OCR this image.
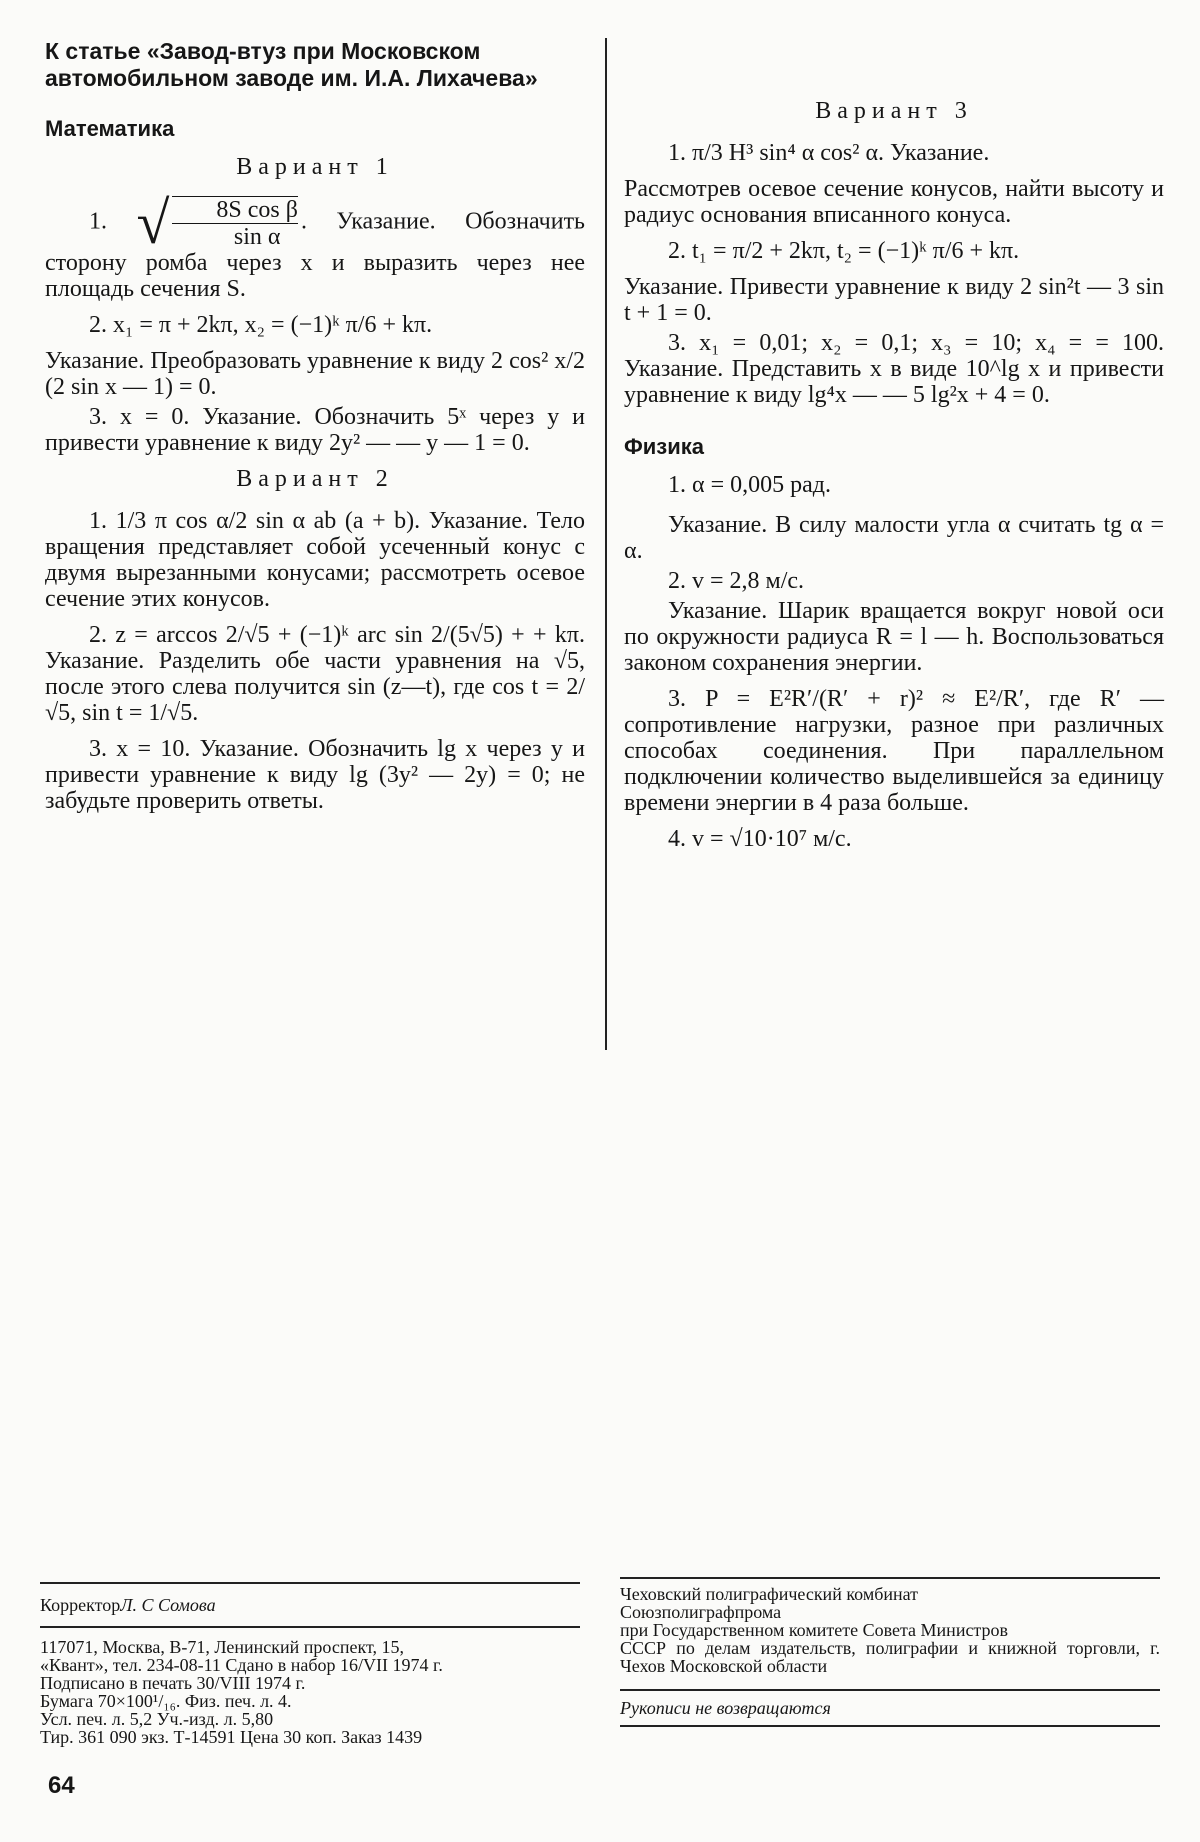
К статье «Завод-втуз при Московском
автомобильном заводе им. И.А. Лихачева»
Математика
Вариант 1

1. √ $\frac{\text{8S cos β}}{\text{sin α}}$ . Указание. Обозначить сторону ромба через x и выразить через нее площадь сечения S.

2. x₁ = π + 2kπ, x₂ = (−1)ᵏ π/6 + kπ.

Указание. Преобразовать уравнение к виду 2 cos² x/2 (2 sin x — 1) = 0.

3. x = 0. Указание. Обозначить 5ˣ через y и привести уравнение к виду 2y² — — y — 1 = 0.

Вариант 2

1. 1/3 π cos α/2 sin α ab (a + b). Указание. Тело вращения представляет собой усеченный конус с двумя вырезанными конусами; рассмотреть осевое сечение этих конусов.

2. z = arccos 2/√5 + (−1)ᵏ arc sin 2/(5√5) + + kπ. Указание. Разделить обе части уравнения на √5, после этого слева получится sin (z—t), где cos t = 2/√5, sin t = 1/√5.

3. x = 10. Указание. Обозначить lg x через y и привести уравнение к виду lg (3y² — 2y) = 0; не забудьте проверить ответы.

Вариант 3

1. π/3 H³ sin⁴ α cos² α. Указание.

Рассмотрев осевое сечение конусов, найти высоту и радиус основания вписанного конуса.

2. t₁ = π/2 + 2kπ, t₂ = (−1)ᵏ π/6 + kπ.

Указание. Привести уравнение к виду 2 sin²t — 3 sin t + 1 = 0.

3. x₁ = 0,01; x₂ = 0,1; x₃ = 10; x₄ = = 100. Указание. Представить x в виде 10^lg x и привести уравнение к виду lg⁴x — — 5 lg²x + 4 = 0.

Физика

1. α = 0,005 рад.

Указание. В силу малости угла α считать tg α = α.

2. v = 2,8 м/с.

Указание. Шарик вращается вокруг новой оси по окружности радиуса R = l — h. Воспользоваться законом сохранения энергии.

3. P = E²R′/(R′ + r)² ≈ E²/R′, где R′ — сопротивление нагрузки, разное при различных способах соединения. При параллельном подключении количество выделившейся за единицу времени энергии в 4 раза больше.

4. v = √10·10⁷ м/с.

КорректорЛ. С Сомова
117071, Москва, В-71, Ленинский проспект, 15,
«Квант», тел. 234-08-11 Сдано в набор 16/VII 1974 г.
Подписано в печать 30/VIII 1974 г.
Бумага 70×100¹/₁₆. Физ. печ. л. 4.
Усл. печ. л. 5,2 Уч.-изд. л. 5,80
Тир. 361 090 экз. Т-14591 Цена 30 коп. Заказ 1439
Чеховский полиграфический комбинат
Союзполиграфпрома
при Государственном комитете Совета Министров
СССР по делам издательств, полиграфии и книжной торговли, г. Чехов Московской области
Рукописи не возвращаются
64
